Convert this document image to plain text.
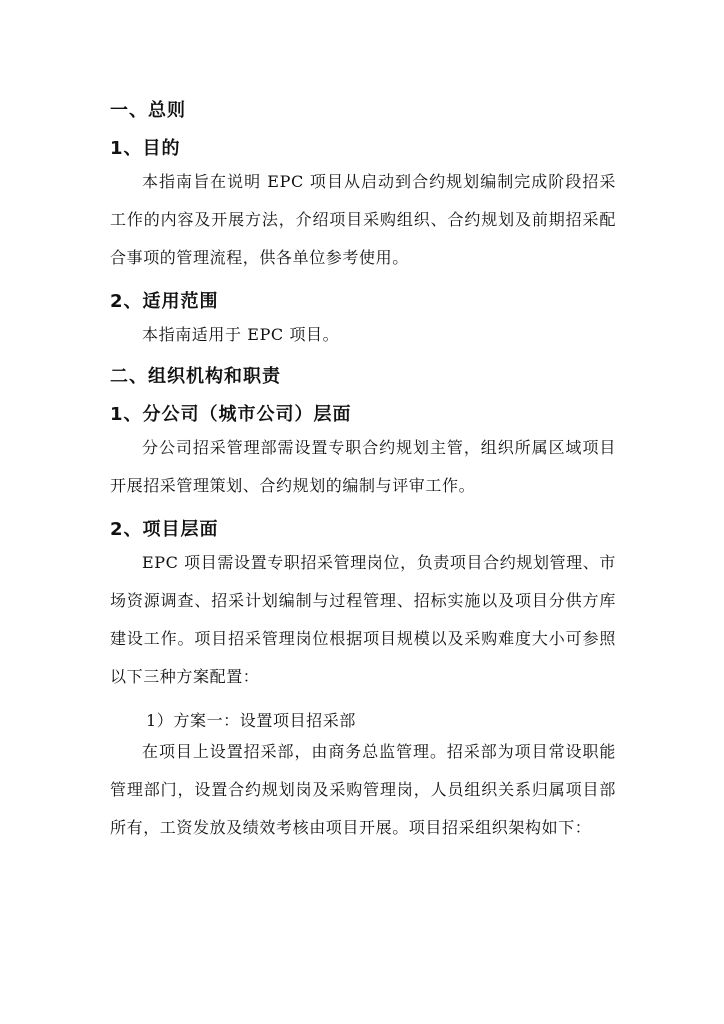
一、总则
1、目的
本指南旨在说明 EPC 项目从启动到合约规划编制完成阶段招采工作的内容及开展方法，介绍项目采购组织、合约规划及前期招采配合事项的管理流程，供各单位参考使用。
2、适用范围
本指南适用于 EPC 项目。
二、组织机构和职责
1、分公司（城市公司）层面
分公司招采管理部需设置专职合约规划主管，组织所属区域项目开展招采管理策划、合约规划的编制与评审工作。
2、项目层面
EPC 项目需设置专职招采管理岗位，负责项目合约规划管理、市场资源调查、招采计划编制与过程管理、招标实施以及项目分供方库建设工作。项目招采管理岗位根据项目规模以及采购难度大小可参照以下三种方案配置：
1）方案一：设置项目招采部
在项目上设置招采部，由商务总监管理。招采部为项目常设职能管理部门，设置合约规划岗及采购管理岗，人员组织关系归属项目部所有，工资发放及绩效考核由项目开展。项目招采组织架构如下：
